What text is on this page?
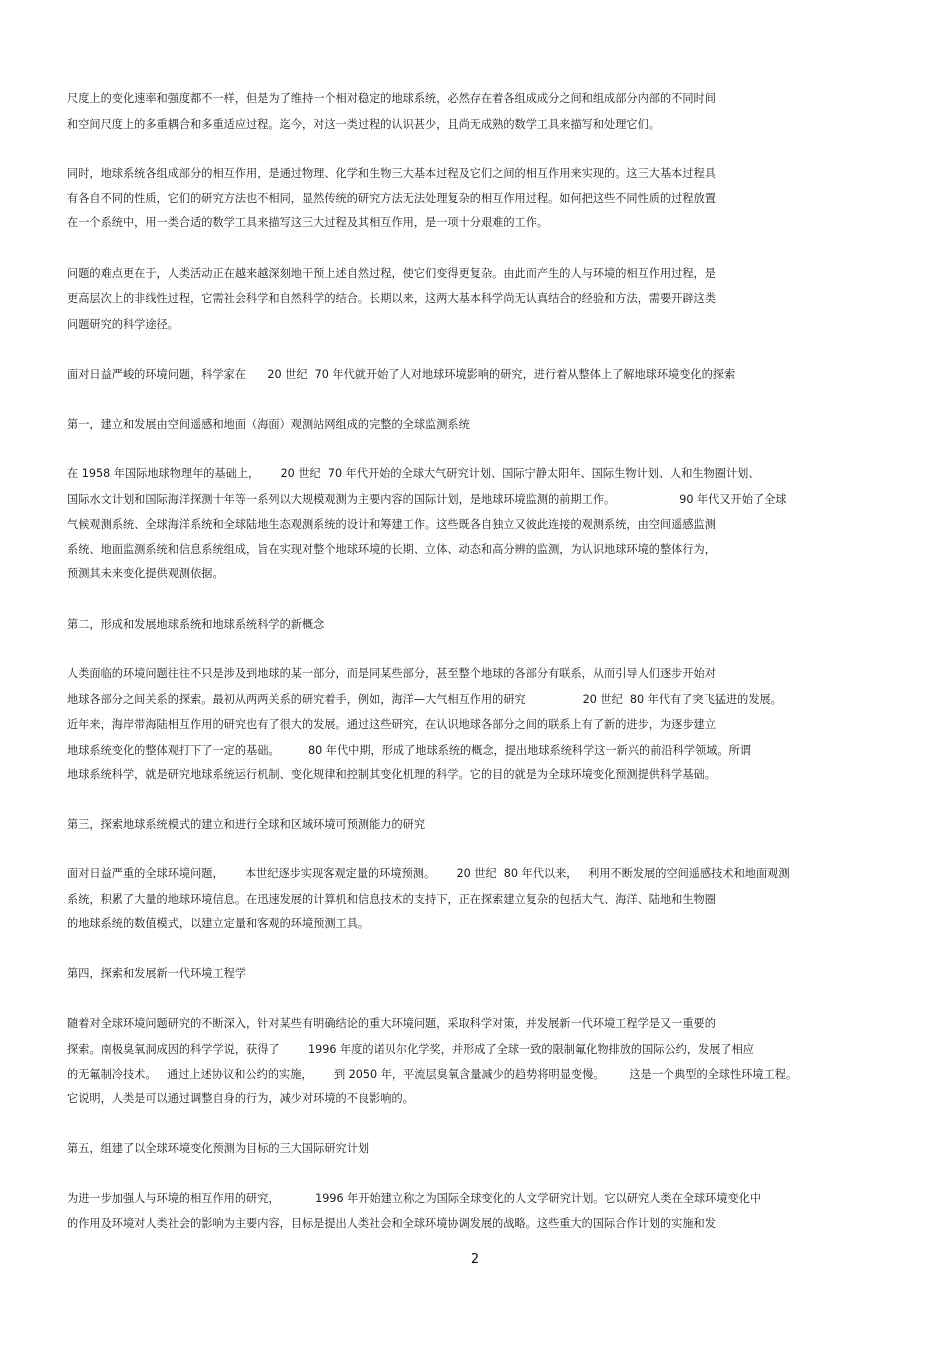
尺度上的变化速率和强度都不一样，但是为了维持一个相对稳定的地球系统，必然存在着各组成成分之间和组成部分内部的不同时间
和空间尺度上的多重耦合和多重适应过程。迄今，对这一类过程的认识甚少，且尚无成熟的数学工具来描写和处理它们。
同时，地球系统各组成部分的相互作用，是通过物理、化学和生物三大基本过程及它们之间的相互作用来实现的。这三大基本过程具
有各自不同的性质，它们的研究方法也不相同，显然传统的研究方法无法处理复杂的相互作用过程。如何把这些不同性质的过程放置
在一个系统中，用一类合适的数学工具来描写这三大过程及其相互作用，是一项十分艰难的工作。
问题的难点更在于，人类活动正在越来越深刻地干预上述自然过程，使它们变得更复杂。由此而产生的人与环境的相互作用过程，是
更高层次上的非线性过程，它需社会科学和自然科学的结合。长期以来，这两大基本科学尚无认真结合的经验和方法，需要开辟这类
问题研究的科学途径。
面对日益严峻的环境问题，科学家在      20 世纪  70 年代就开始了人对地球环境影响的研究，进行着从整体上了解地球环境变化的探索
第一，建立和发展由空间遥感和地面（海面）观测站网组成的完整的全球监测系统
在 1958 年国际地球物理年的基础上，      20 世纪  70 年代开始的全球大气研究计划、国际宁静太阳年、国际生物计划、人和生物圈计划、
国际水文计划和国际海洋探测十年等一系列以大规模观测为主要内容的国际计划，是地球环境监测的前期工作。                  90 年代又开始了全球
气候观测系统、全球海洋系统和全球陆地生态观测系统的设计和筹建工作。这些既各自独立又彼此连接的观测系统，由空间遥感监测
系统、地面监测系统和信息系统组成，旨在实现对整个地球环境的长期、立体、动态和高分辨的监测，为认识地球环境的整体行为，
预测其未来变化提供观测依据。
第二，形成和发展地球系统和地球系统科学的新概念
人类面临的环境问题往往不只是涉及到地球的某一部分，而是同某些部分，甚至整个地球的各部分有联系，从而引导人们逐步开始对
地球各部分之间关系的探索。最初从两两关系的研究着手，例如，海洋—大气相互作用的研究                20 世纪  80 年代有了突飞猛进的发展。
近年来，海岸带海陆相互作用的研究也有了很大的发展。通过这些研究，在认识地球各部分之间的联系上有了新的进步，为逐步建立
地球系统变化的整体观打下了一定的基础。        80 年代中期，形成了地球系统的概念，提出地球系统科学这一新兴的前沿科学领域。所谓
地球系统科学，就是研究地球系统运行机制、变化规律和控制其变化机理的科学。它的目的就是为全球环境变化预测提供科学基础。
第三，探索地球系统模式的建立和进行全球和区域环境可预测能力的研究
面对日益严重的全球环境问题，      本世纪逐步实现客观定量的环境预测。      20 世纪  80 年代以来，   利用不断发展的空间遥感技术和地面观测
系统，积累了大量的地球环境信息。在迅速发展的计算机和信息技术的支持下，正在探索建立复杂的包括大气、海洋、陆地和生物圈
的地球系统的数值模式，以建立定量和客观的环境预测工具。
第四，探索和发展新一代环境工程学
随着对全球环境问题研究的不断深入，针对某些有明确结论的重大环境问题，采取科学对策，并发展新一代环境工程学是又一重要的
探索。南极臭氧洞成因的科学学说，获得了        1996 年度的诺贝尔化学奖，并形成了全球一致的限制氟化物排放的国际公约，发展了相应
的无氟制冷技术。   通过上述协议和公约的实施，      到 2050 年，平流层臭氧含量减少的趋势将明显变慢。       这是一个典型的全球性环境工程。
它说明，人类是可以通过调整自身的行为，减少对环境的不良影响的。
第五，组建了以全球环境变化预测为目标的三大国际研究计划
为进一步加强人与环境的相互作用的研究，          1996 年开始建立称之为国际全球变化的人文学研究计划。它以研究人类在全球环境变化中
的作用及环境对人类社会的影响为主要内容，目标是提出人类社会和全球环境协调发展的战略。这些重大的国际合作计划的实施和发
2
